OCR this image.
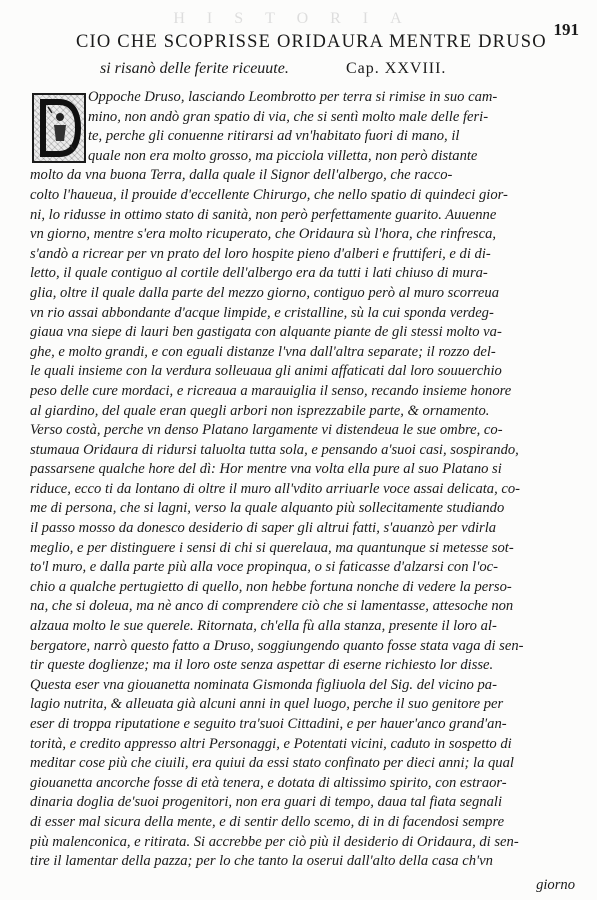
HISTORIA
191
CIO CHE SCOPRISSE ORIDAURA MENTRE DRUSO
si risanò delle ferite riceuute.	Cap. XXVIII.
D
Oppoche Druso, lasciando Leombrotto per terra si rimise in suo cam-
mino, non andò gran spatio di via, che si sentì molto male delle feri-
te, perche gli conuenne ritirarsi ad vn'habitato fuori di mano, il
quale non era molto grosso, ma picciola villetta, non però distante
molto da vna buona Terra, dalla quale il Signor dell'albergo, che racco-
colto l'haueua, il prouide d'eccellente Chirurgo, che nello spatio di quindeci gior-
ni, lo ridusse in ottimo stato di sanità, non però perfettamente guarito. Auuenne
vn giorno, mentre s'era molto ricuperato, che Oridaura sù l'hora, che rinfresca,
s'andò a ricrear per vn prato del loro hospite pieno d'alberi e fruttiferi, e di di-
letto, il quale contiguo al cortile dell'albergo era da tutti i lati chiuso di mura-
glia, oltre il quale dalla parte del mezzo giorno, contiguo però al muro scorreua
vn rio assai abbondante d'acque limpide, e cristalline, sù la cui sponda verdeg-
giaua vna siepe di lauri ben gastigata con alquante piante de gli stessi molto va-
ghe, e molto grandi, e con eguali distanze l'vna dall'altra separate; il rozzo del-
le quali insieme con la verdura solleuaua gli animi affaticati dal loro souuerchio
peso delle cure mordaci, e ricreaua a marauiglia il senso, recando insieme honore
al giardino, del quale eran quegli arbori non isprezzabile parte, & ornamento.
Verso costà, perche vn denso Platano largamente vi distendeua le sue ombre, co-
stumaua Oridaura di ridursi taluolta tutta sola, e pensando a'suoi casi, sospirando,
passarsene qualche hore del dì: Hor mentre vna volta ella pure al suo Platano si
riduce, ecco ti da lontano di oltre il muro all'vdito arriuarle voce assai delicata, co-
me di persona, che si lagni, verso la quale alquanto più sollecitamente studiando
il passo mosso da donesco desiderio di saper gli altrui fatti, s'auanzò per vdirla
meglio, e per distinguere i sensi di chi si querelaua, ma quantunque si metesse sot-
to'l muro, e dalla parte più alla voce propinqua, o si faticasse d'alzarsi con l'oc-
chio a qualche pertugietto di quello, non hebbe fortuna nonche di vedere la perso-
na, che si doleua, ma nè anco di comprendere ciò che si lamentasse, attesoche non
alzaua molto le sue querele. Ritornata, ch'ella fù alla stanza, presente il loro al-
bergatore, narrò questo fatto a Druso, soggiungendo quanto fosse stata vaga di sen-
tir queste doglienze; ma il loro oste senza aspettar di eserne richiesto lor disse.
Questa eser vna giouanetta nominata Gismonda figliuola del Sig. del vicino pa-
lagio nutrita, & alleuata già alcuni anni in quel luogo, perche il suo genitore per
eser di troppa riputatione e seguito tra'suoi Cittadini, e per hauer'anco grand'an-
torità, e credito appresso altri Personaggi, e Potentati vicini, caduto in sospetto di
meditar cose più che ciuili, era quiui da essi stato confinato per dieci anni; la qual
giouanetta ancorche fosse di età tenera, e dotata di altissimo spirito, con estraor-
dinaria doglia de'suoi progenitori, non era guari di tempo, daua tal fiata segnali
di esser mal sicura della mente, e di sentir dello scemo, di in di facendosi sempre
più malenconica, e ritirata. Si accrebbe per ciò più il desiderio di Oridaura, di sen-
tire il lamentar della pazza; per lo che tanto la oserui dall'alto della casa ch'vn
giorno
